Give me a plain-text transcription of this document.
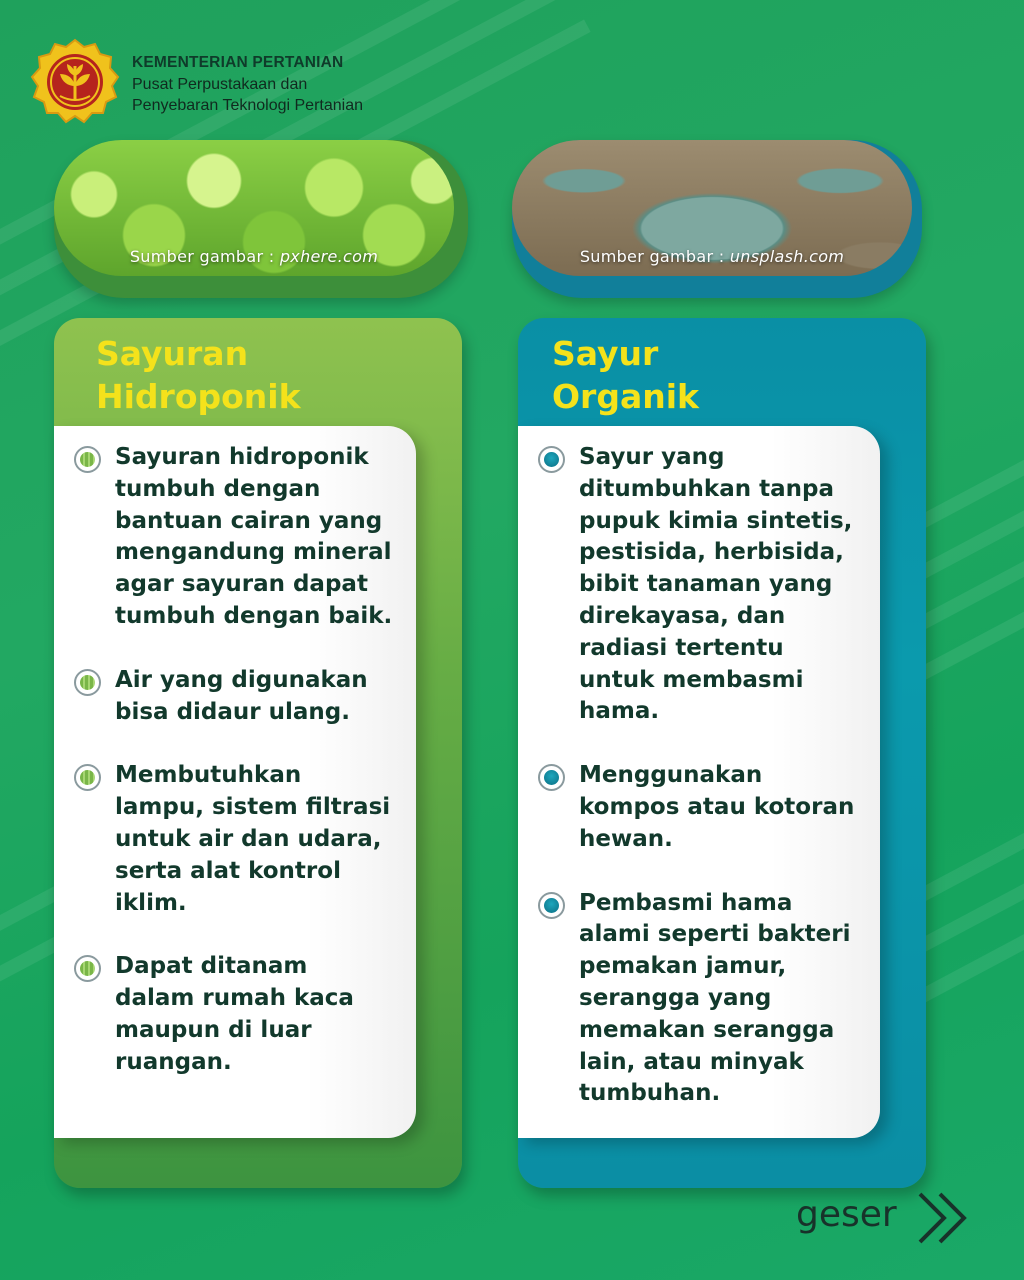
KEMENTERIAN PERTANIAN
Pusat Perpustakaan dan
Penyebaran Teknologi Pertanian
Sumber gambar : pxhere.com	Sumber gambar : unsplash.com
Sayuran
Hidroponik
Sayuran hidroponik tumbuh dengan bantuan cairan yang mengandung mineral agar sayuran dapat tumbuh dengan baik.
Air yang digunakan bisa didaur ulang.
Membutuhkan lampu, sistem filtrasi untuk air dan udara, serta alat kontrol iklim.
Dapat ditanam dalam rumah kaca maupun di luar ruangan.
Sayur
Organik
Sayur yang ditumbuhkan tanpa pupuk kimia sintetis, pestisida, herbisida, bibit tanaman yang direkayasa, dan radiasi tertentu untuk membasmi hama.
Menggunakan kompos atau kotoran hewan.
Pembasmi hama alami seperti bakteri pemakan jamur, serangga yang memakan serangga lain, atau minyak tumbuhan.
geser
